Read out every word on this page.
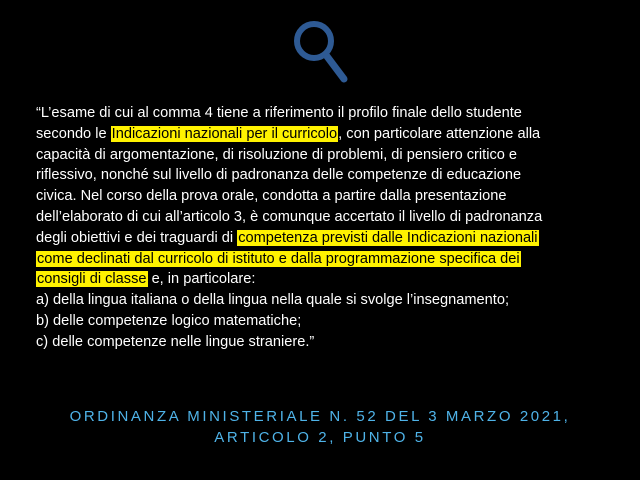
“L’esame di cui al comma 4 tiene a riferimento il profilo finale dello studente
secondo le Indicazioni nazionali per il curricolo, con particolare attenzione alla
capacità di argomentazione, di risoluzione di problemi, di pensiero critico e
riflessivo, nonché sul livello di padronanza delle competenze di educazione
civica. Nel corso della prova orale, condotta a partire dalla presentazione
dell’elaborato di cui all’articolo 3, è comunque accertato il livello di padronanza
degli obiettivi e dei traguardi di competenza previsti dalle Indicazioni nazionali
come declinati dal curricolo di istituto e dalla programmazione specifica dei
consigli di classe e, in particolare:
a) della lingua italiana o della lingua nella quale si svolge l’insegnamento;
b) delle competenze logico matematiche;
c) delle competenze nelle lingue straniere.”
ORDINANZA MINISTERIALE N. 52 DEL 3 MARZO 2021,
ARTICOLO 2, PUNTO 5
